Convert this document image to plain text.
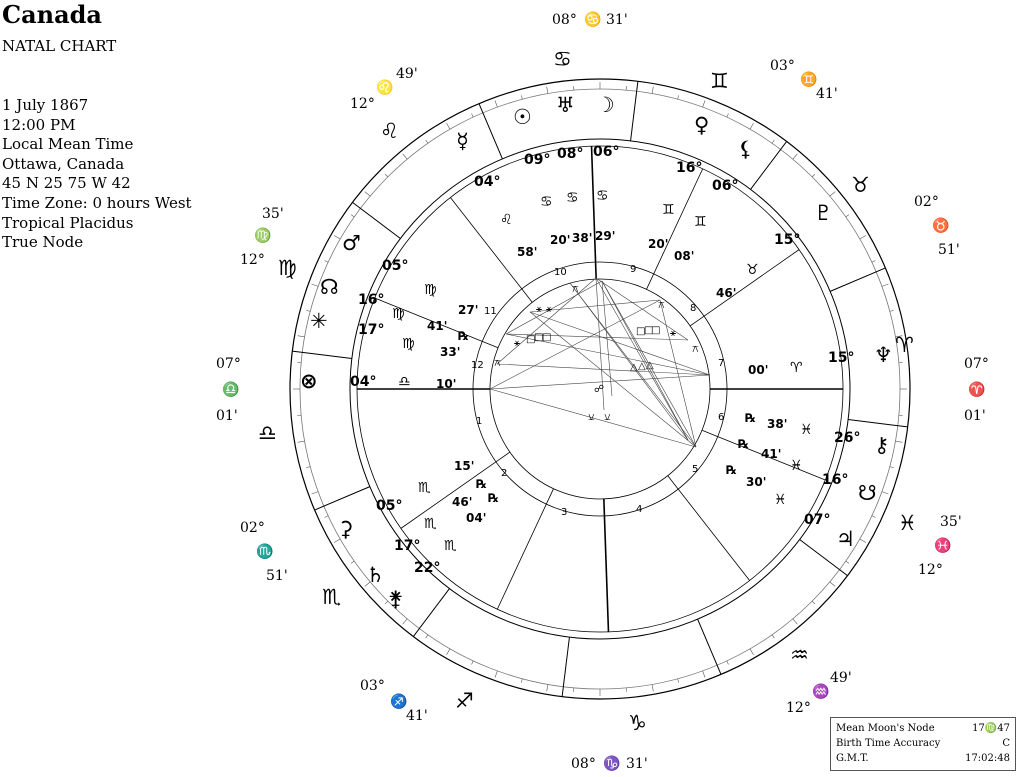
Canada
NATAL CHART
1 July 1867
12:00 PM
Local Mean Time
Ottawa, Canada
45 N 25 75 W 42
Time Zone: 0 hours West
Tropical Placidus
True Node
♋
♊
♉
♈
♓
♒
♑
♐
♏
♎
♍
♌
07°
♎
01'
02°
♏
51'
03°
♐
41'
08° ♑ 31'
12°
♒
49'
12°
♓
35'
07°
♈
01'
02°
♉
51'
03°
♊
41'
08° ♋ 31'
12°
♌
49'
12°
♍
35'
1
2
3	4
5
6
7
8
9
10
11
12
☉
09°
♋
38'
♅
08°
♋
20'
☽
06°
♋
29'
♀
16°
♊
20'
⚸
06°
♊
08'
♇
15°
♉
46'
☿
04°
♌
58'
♂
05°
♍
27'
☊
16°
♍
41'
℞
✳ 17°
♍ 33'
⊗ 04° ♎ 10'
♆
15°
♈
00'
⚷
26°
♓
38'
℞
☋
16°
♓
41'
℞
♃
07°
♓
30'
℞
⚳
05°
♏
15'
♄
17°
♏
46'
℞
⚵
22°
♏
04'
℞
⚹ ⚹
⚹
⚹ □
□
□
□
□
□
△ △ △
⚻
⚻
⚻
⚻
☍
⚺ ⚺
Mean Moon's Node	17♍47
Birth Time Accuracy	C
G.M.T.	17:02:48
